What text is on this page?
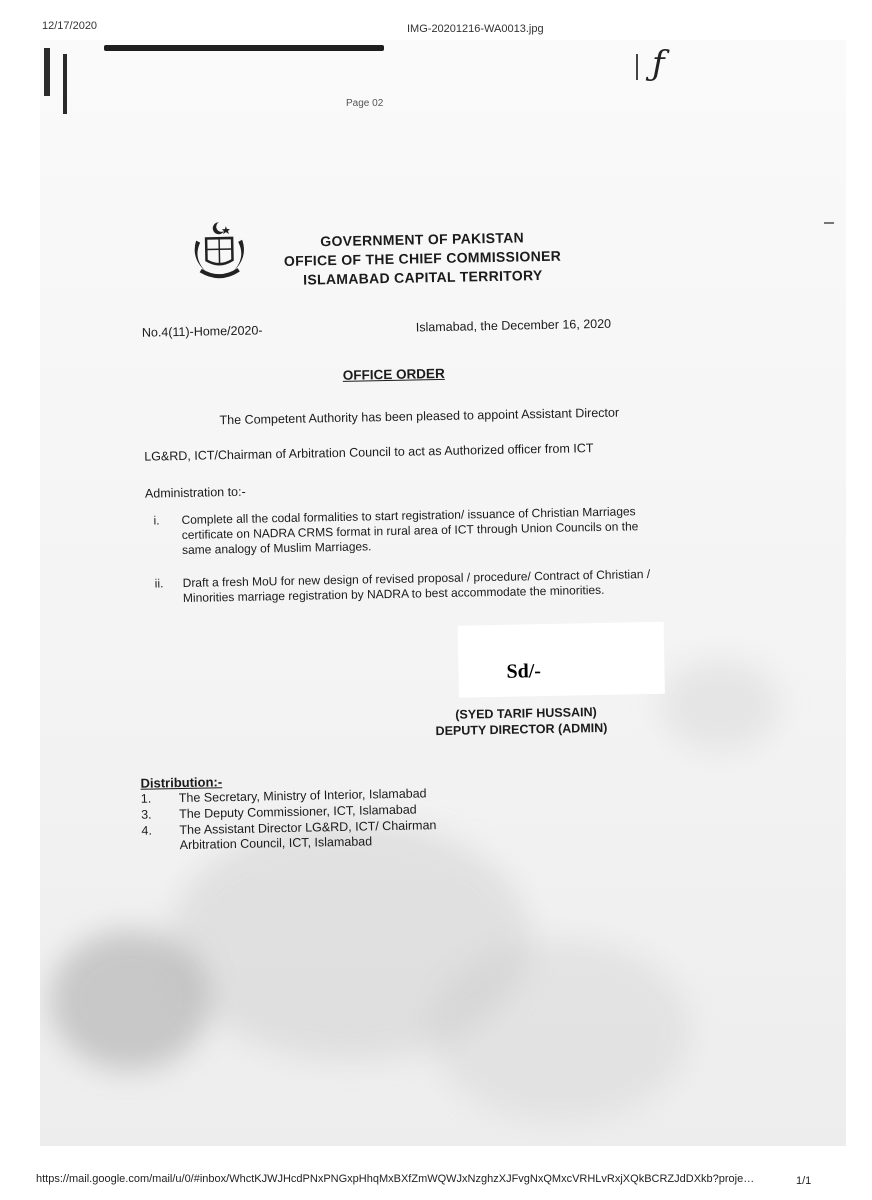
12/17/2020	IMG-20201216-WA0013.jpg
ƒ
Page 02
GOVERNMENT OF PAKISTAN
OFFICE OF THE CHIEF COMMISSIONER
ISLAMABAD CAPITAL TERRITORY
No.4(11)-Home/2020-	Islamabad, the December 16, 2020
OFFICE ORDER
The Competent Authority has been pleased to appoint Assistant Director
LG&RD, ICT/Chairman of Arbitration Council to act as Authorized officer from ICT
Administration to:-
i.	Complete all the codal formalities to start registration/ issuance of Christian Marriages certificate on NADRA CRMS format in rural area of ICT through Union Councils on the same analogy of Muslim Marriages.
ii.	Draft a fresh MoU for new design of revised proposal / procedure/ Contract of Christian / Minorities marriage registration by NADRA to best accommodate the minorities.
Sd/-
(SYED TARIF HUSSAIN)
DEPUTY DIRECTOR (ADMIN)
Distribution:-
1. The Secretary, Ministry of Interior, Islamabad
3. The Deputy Commissioner, ICT, Islamabad
4. The Assistant Director LG&RD, ICT/ Chairman Arbitration Council, ICT, Islamabad
https://mail.google.com/mail/u/0/#inbox/WhctKJWJHcdPNxPNGxpHhqMxBXfZmWQWJxNzghzXJFvgNxQMxcVRHLvRxjXQkBCRZJdDXkb?proje…	1/1
